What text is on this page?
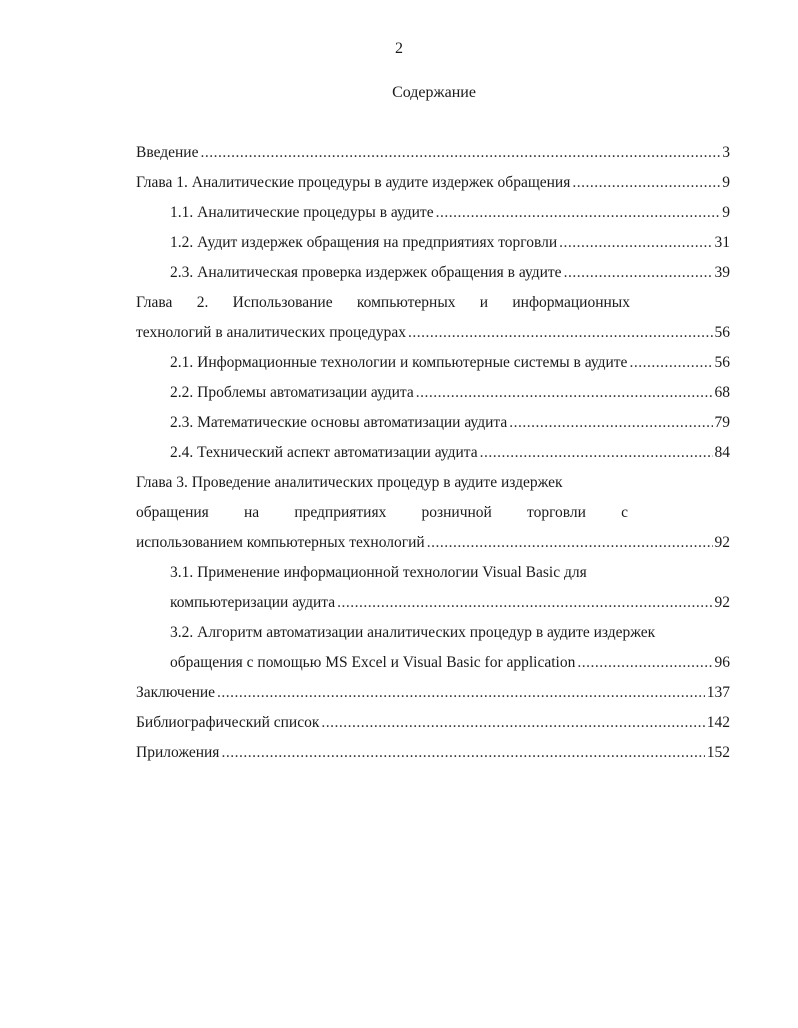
2
Содержание
Введение .....	3
Глава 1. Аналитические процедуры в аудите издержек обращения .....	9
1.1. Аналитические процедуры в аудите .....	9
1.2. Аудит издержек обращения на предприятиях торговли .....	31
2.3. Аналитическая проверка издержек обращения в аудите .....	39
Глава 2. Использование компьютерных и информационных
технологий в аналитических процедурах .....	56
2.1. Информационные технологии и компьютерные системы в аудите .....	56
2.2. Проблемы автоматизации аудита .....	68
2.3. Математические основы автоматизации аудита .....	79
2.4. Технический аспект автоматизации аудита .....	84
Глава 3. Проведение аналитических процедур в аудите издержек
обращения на предприятиях розничной торговли с
использованием компьютерных технологий .....	92
3.1. Применение информационной технологии Visual Basic для
компьютеризации аудита .....	92
3.2. Алгоритм автоматизации аналитических процедур в аудите издержек
обращения с помощью MS Excel и Visual Basic for application .....	96
Заключение .....	137
Библиографический список .....	142
Приложения .....	152
